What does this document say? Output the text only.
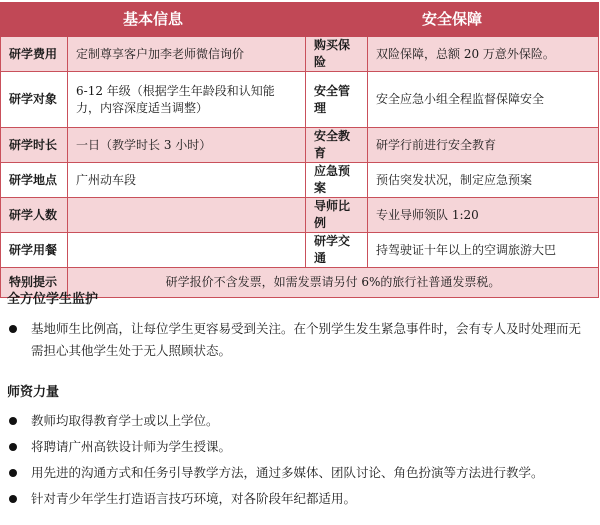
基本信息		安全保障	
研学费用	定制尊享客户加李老师微信询价	购买保险	双险保障，总额 20 万意外保险。
研学对象	6-12 年级（根据学生年龄段和认知能力，内容深度适当调整）	安全管理	安全应急小组全程监督保障安全
研学时长	一日（教学时长 3 小时）	安全教育	研学行前进行安全教育
研学地点	广州动车段	应急预案	预估突发状况，制定应急预案
研学人数		导师比例	专业导师领队 1:20
研学用餐		研学交通	持驾驶证十年以上的空调旅游大巴
特别提示	研学报价不含发票，如需发票请另付 6%的旅行社普通发票税。		
全方位学生监护
基地师生比例高，让每位学生更容易受到关注。在个别学生发生紧急事件时，会有专人及时处理而无需担心其他学生处于无人照顾状态。
师资力量
教师均取得教育学士或以上学位。
将聘请广州高铁设计师为学生授课。
用先进的沟通方式和任务引导教学方法，通过多媒体、团队讨论、角色扮演等方法进行教学。
针对青少年学生打造语言技巧环境，对各阶段年纪都适用。
